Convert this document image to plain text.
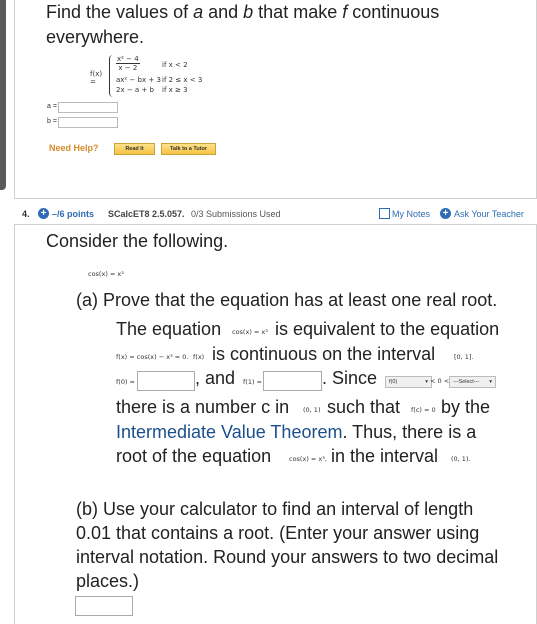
Find the values of a and b that make f continuous everywhere.

f(x) =
$\frac{\text{x² − 4}}{x - 2}$	if x < 2
ax² − bx + 3 if 2 ≤ x < 3
2x − a + b if x ≥ 3
a =
b =
Need Help?	Read It	Talk to a Tutor
4. + –/6 points SCalcET8 2.5.057. 0/3 Submissions Used	My Notes + Ask Your Teacher
Consider the following.
cos(x) = x³
(a) Prove that the equation has at least one real root.
The equation cos(x) = x³ is equivalent to the equation
f(x) = cos(x) − x³ = 0. f(x) is continuous on the interval	[0, 1].
f(0) =	, and f(1) =	. Since	f(0)	▾ < 0 < ---Select--- ▾
there is a number c in (0, 1) such that f(c) = 0 by the
Intermediate Value Theorem. Thus, there is a
root of the equation	cos(x) = x³, in the interval (0, 1).
(b) Use your calculator to find an interval of length
0.01 that contains a root. (Enter your answer using
interval notation. Round your answers to two decimal
places.)
